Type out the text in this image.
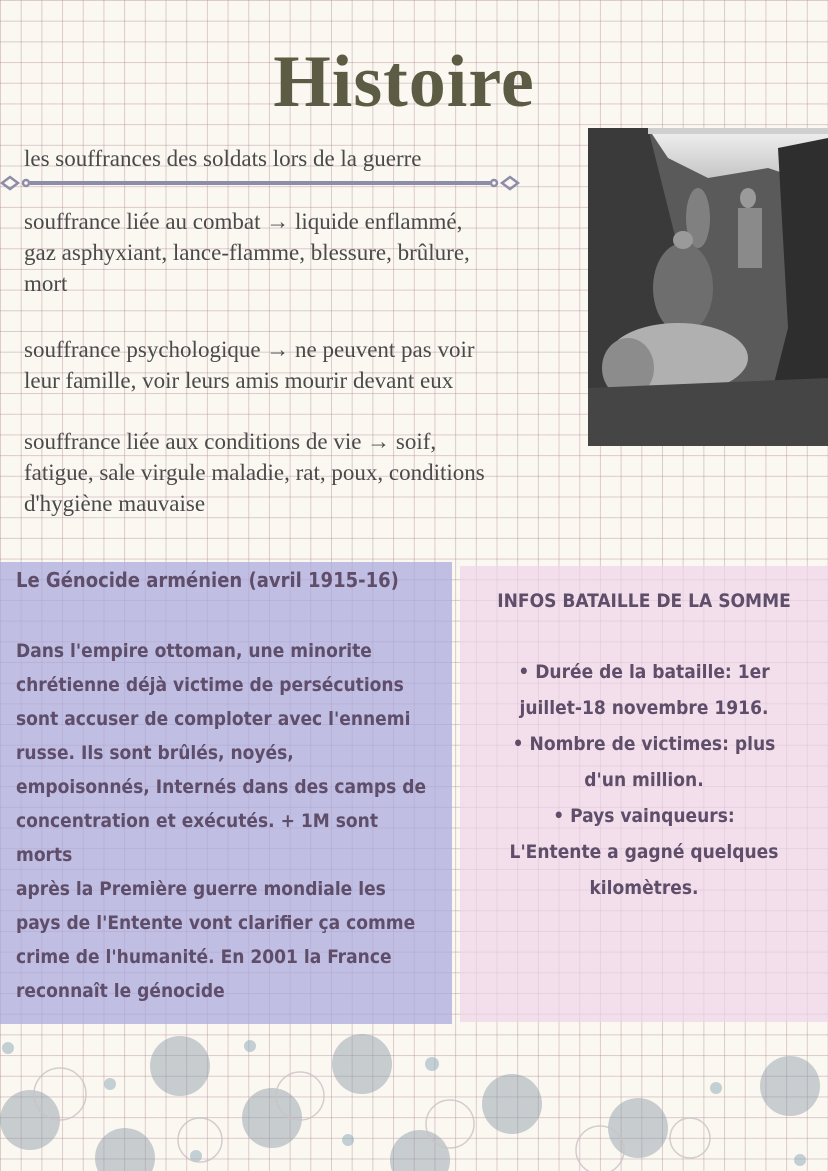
Histoire
les souffrances des soldats lors de la guerre
souffrance liée au combat → liquide enflammé,
gaz asphyxiant, lance-flamme, blessure, brûlure,
mort
souffrance psychologique → ne peuvent pas voir
leur famille, voir leurs amis mourir devant eux
souffrance liée aux conditions de vie → soif,
fatigue, sale virgule maladie, rat, poux, conditions
d'hygiène mauvaise
Le Génocide arménien (avril 1915-16)
Dans l'empire ottoman, une minorite
chrétienne déjà victime de persécutions
sont accuser de comploter avec l'ennemi
russe. Ils sont brûlés, noyés,
empoisonnés, Internés dans des camps de
concentration et exécutés. + 1M sont
morts
après la Première guerre mondiale les
pays de l'Entente vont clarifier ça comme
crime de l'humanité. En 2001 la France
reconnaît le génocide
INFOS BATAILLE DE LA SOMME
• Durée de la bataille: 1er
juillet-18 novembre 1916.
• Nombre de victimes: plus
d'un million.
• Pays vainqueurs:
L'Entente a gagné quelques
kilomètres.
